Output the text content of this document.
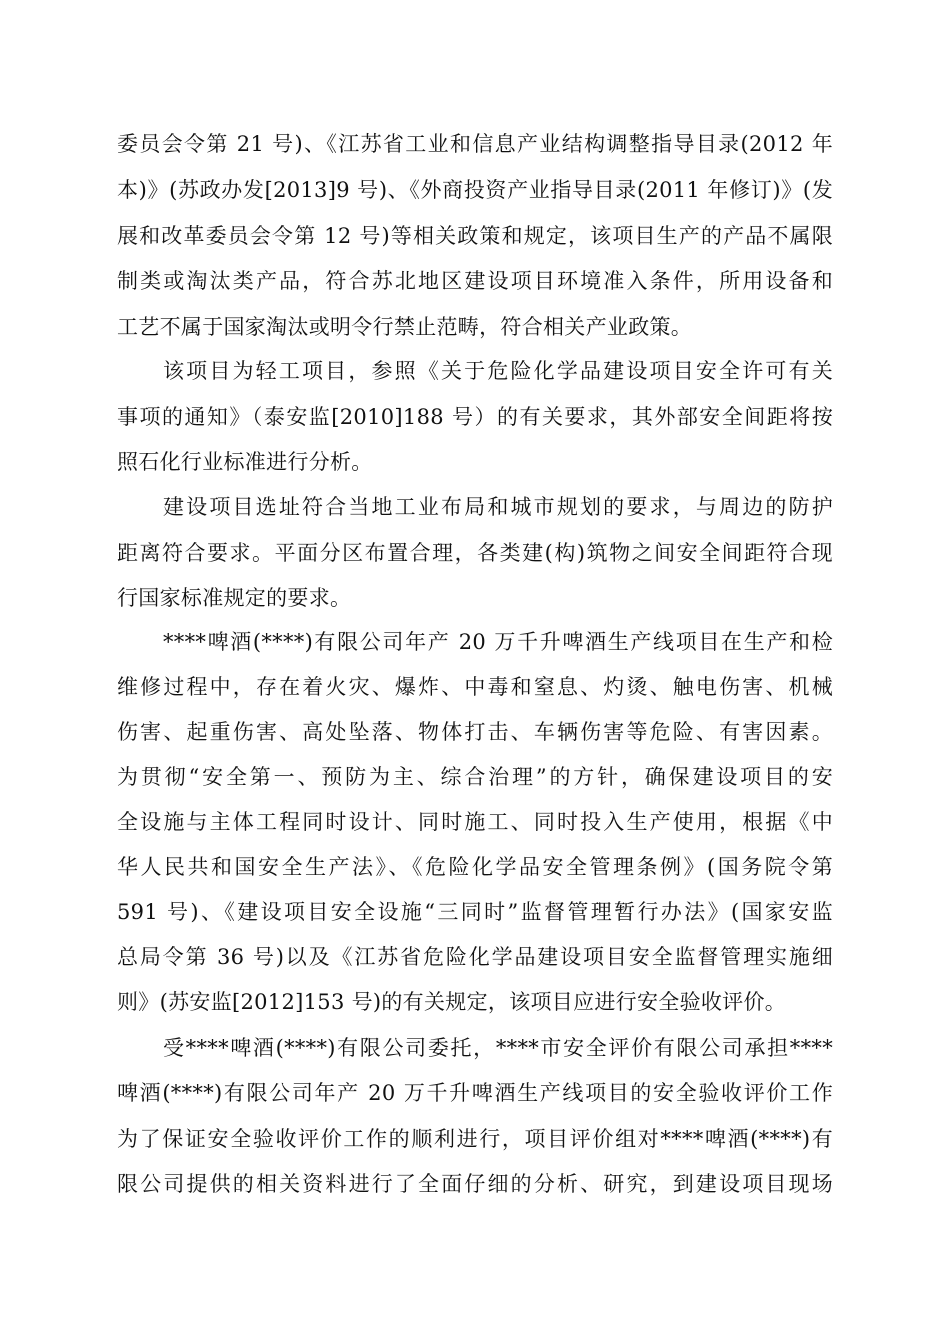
委员会令第 21 号)、《江苏省工业和信息产业结构调整指导目录(2012 年
本)》(苏政办发[2013]9 号)、《外商投资产业指导目录(2011 年修订)》(发
展和改革委员会令第 12 号)等相关政策和规定，该项目生产的产品不属限
制类或淘汰类产品，符合苏北地区建设项目环境准入条件，所用设备和
工艺不属于国家淘汰或明令行禁止范畴，符合相关产业政策。
该项目为轻工项目，参照《关于危险化学品建设项目安全许可有关
事项的通知》（泰安监[2010]188 号）的有关要求，其外部安全间距将按
照石化行业标准进行分析。
建设项目选址符合当地工业布局和城市规划的要求，与周边的防护
距离符合要求。平面分区布置合理，各类建(构)筑物之间安全间距符合现
行国家标准规定的要求。
****啤酒(****)有限公司年产 20 万千升啤酒生产线项目在生产和检
维修过程中，存在着火灾、爆炸、中毒和窒息、灼烫、触电伤害、机械
伤害、起重伤害、高处坠落、物体打击、车辆伤害等危险、有害因素。
为贯彻“安全第一、预防为主、综合治理”的方针，确保建设项目的安
全设施与主体工程同时设计、同时施工、同时投入生产使用，根据《中
华人民共和国安全生产法》、《危险化学品安全管理条例》(国务院令第
591 号)、《建设项目安全设施“三同时”监督管理暂行办法》(国家安监
总局令第 36 号)以及《江苏省危险化学品建设项目安全监督管理实施细
则》(苏安监[2012]153 号)的有关规定，该项目应进行安全验收评价。
受****啤酒(****)有限公司委托，****市安全评价有限公司承担****
啤酒(****)有限公司年产 20 万千升啤酒生产线项目的安全验收评价工作
为了保证安全验收评价工作的顺利进行，项目评价组对****啤酒(****)有
限公司提供的相关资料进行了全面仔细的分析、研究，到建设项目现场
